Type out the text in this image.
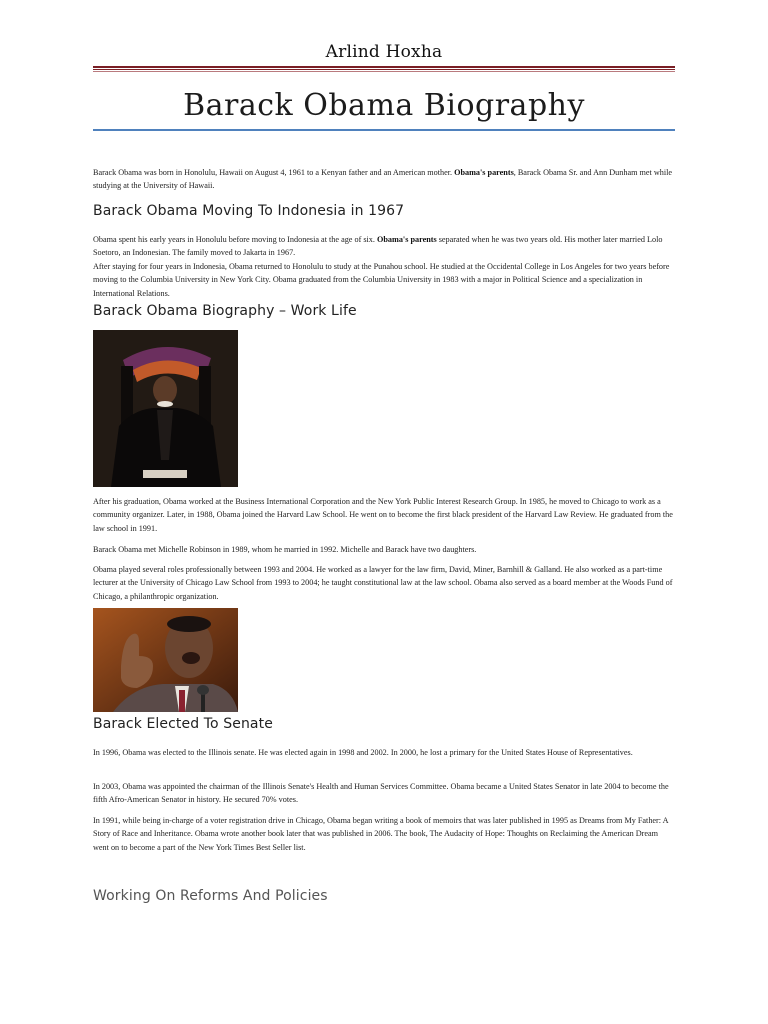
Arlind Hoxha
Barack Obama Biography
Barack Obama was born in Honolulu, Hawaii on August 4, 1961 to a Kenyan father and an American mother. Obama's parents, Barack Obama Sr. and Ann Dunham met while studying at the University of Hawaii.
Barack Obama Moving To Indonesia in 1967
Obama spent his early years in Honolulu before moving to Indonesia at the age of six. Obama's parents separated when he was two years old. His mother later married Lolo Soetoro, an Indonesian. The family moved to Jakarta in 1967.
After staying for four years in Indonesia, Obama returned to Honolulu to study at the Punahou school. He studied at the Occidental College in Los Angeles for two years before moving to the Columbia University in New York City. Obama graduated from the Columbia University in 1983 with a major in Political Science and a specialization in International Relations.
Barack Obama Biography – Work Life
After his graduation, Obama worked at the Business International Corporation and the New York Public Interest Research Group. In 1985, he moved to Chicago to work as a community organizer. Later, in 1988, Obama joined the Harvard Law School. He went on to become the first black president of the Harvard Law Review. He graduated from the law school in 1991.
Barack Obama met Michelle Robinson in 1989, whom he married in 1992. Michelle and Barack have two daughters.
Obama played several roles professionally between 1993 and 2004. He worked as a lawyer for the law firm, David, Miner, Barnhill & Galland. He also worked as a part-time lecturer at the University of Chicago Law School from 1993 to 2004; he taught constitutional law at the law school. Obama also served as a board member at the Woods Fund of Chicago, a philanthropic organization.
Barack Elected To Senate
In 1996, Obama was elected to the Illinois senate. He was elected again in 1998 and 2002. In 2000, he lost a primary for the United States House of Representatives.
In 2003, Obama was appointed the chairman of the Illinois Senate's Health and Human Services Committee. Obama became a United States Senator in late 2004 to become the fifth Afro-American Senator in history. He secured 70% votes.
In 1991, while being in-charge of a voter registration drive in Chicago, Obama began writing a book of memoirs that was later published in 1995 as Dreams from My Father: A Story of Race and Inheritance. Obama wrote another book later that was published in 2006. The book, The Audacity of Hope: Thoughts on Reclaiming the American Dream went on to become a part of the New York Times Best Seller list.
Working On Reforms And Policies
